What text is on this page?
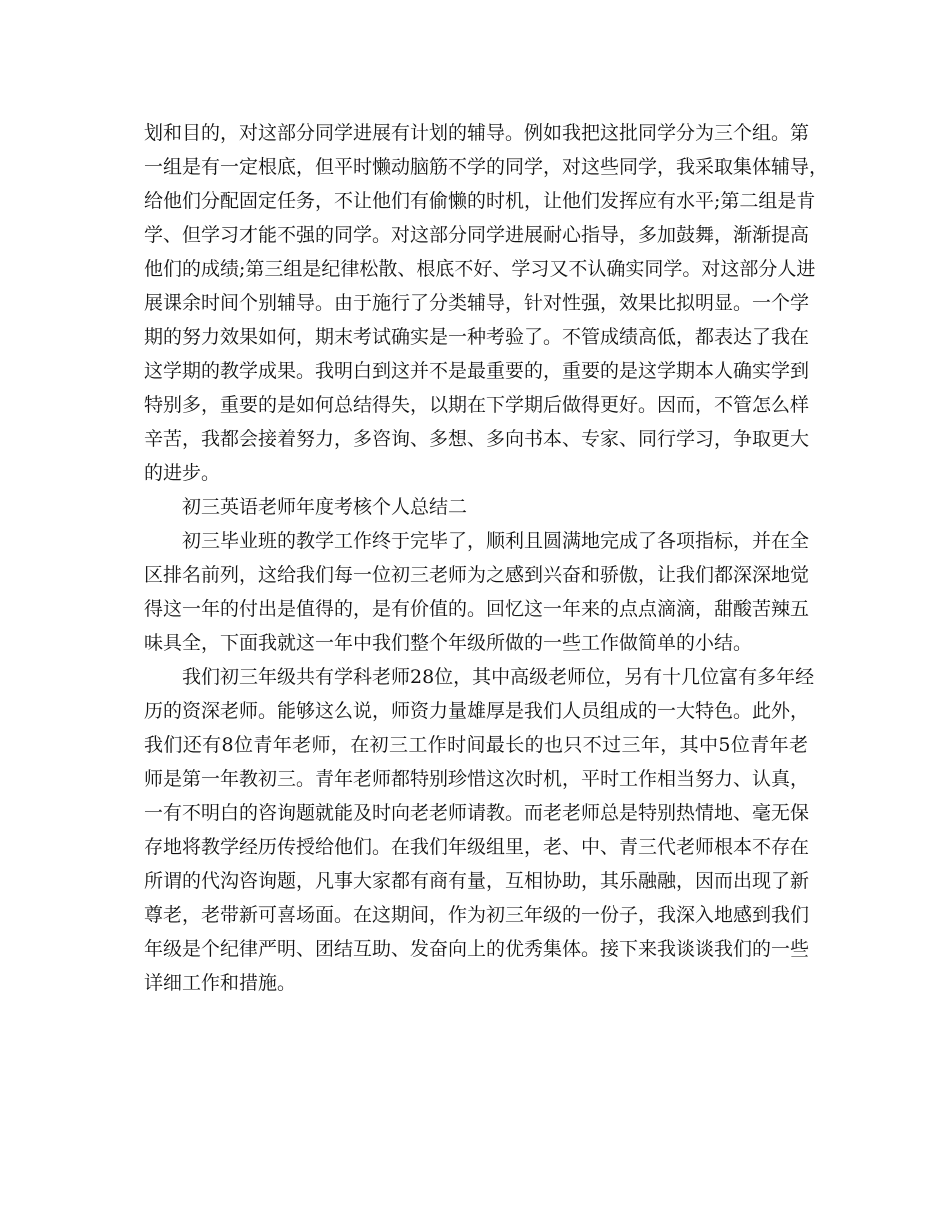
划和目的，对这部分同学进展有计划的辅导。例如我把这批同学分为三个组。第
一组是有一定根底，但平时懒动脑筋不学的同学，对这些同学，我采取集体辅导，
给他们分配固定任务，不让他们有偷懒的时机，让他们发挥应有水平;第二组是肯
学、但学习才能不强的同学。对这部分同学进展耐心指导，多加鼓舞，渐渐提高
他们的成绩;第三组是纪律松散、根底不好、学习又不认确实同学。对这部分人进
展课余时间个别辅导。由于施行了分类辅导，针对性强，效果比拟明显。一个学
期的努力效果如何，期末考试确实是一种考验了。不管成绩高低，都表达了我在
这学期的教学成果。我明白到这并不是最重要的，重要的是这学期本人确实学到
特别多，重要的是如何总结得失，以期在下学期后做得更好。因而，不管怎么样
辛苦，我都会接着努力，多咨询、多想、多向书本、专家、同行学习，争取更大
的进步。
初三英语老师年度考核个人总结二
初三毕业班的教学工作终于完毕了，顺利且圆满地完成了各项指标，并在全
区排名前列，这给我们每一位初三老师为之感到兴奋和骄傲，让我们都深深地觉
得这一年的付出是值得的，是有价值的。回忆这一年来的点点滴滴，甜酸苦辣五
味具全，下面我就这一年中我们整个年级所做的一些工作做简单的小结。
我们初三年级共有学科老师28位，其中高级老师位，另有十几位富有多年经
历的资深老师。能够这么说，师资力量雄厚是我们人员组成的一大特色。此外，
我们还有8位青年老师，在初三工作时间最长的也只不过三年，其中5位青年老
师是第一年教初三。青年老师都特别珍惜这次时机，平时工作相当努力、认真，
一有不明白的咨询题就能及时向老老师请教。而老老师总是特别热情地、毫无保
存地将教学经历传授给他们。在我们年级组里，老、中、青三代老师根本不存在
所谓的代沟咨询题，凡事大家都有商有量，互相协助，其乐融融，因而出现了新
尊老，老带新可喜场面。在这期间，作为初三年级的一份子，我深入地感到我们
年级是个纪律严明、团结互助、发奋向上的优秀集体。接下来我谈谈我们的一些
详细工作和措施。
